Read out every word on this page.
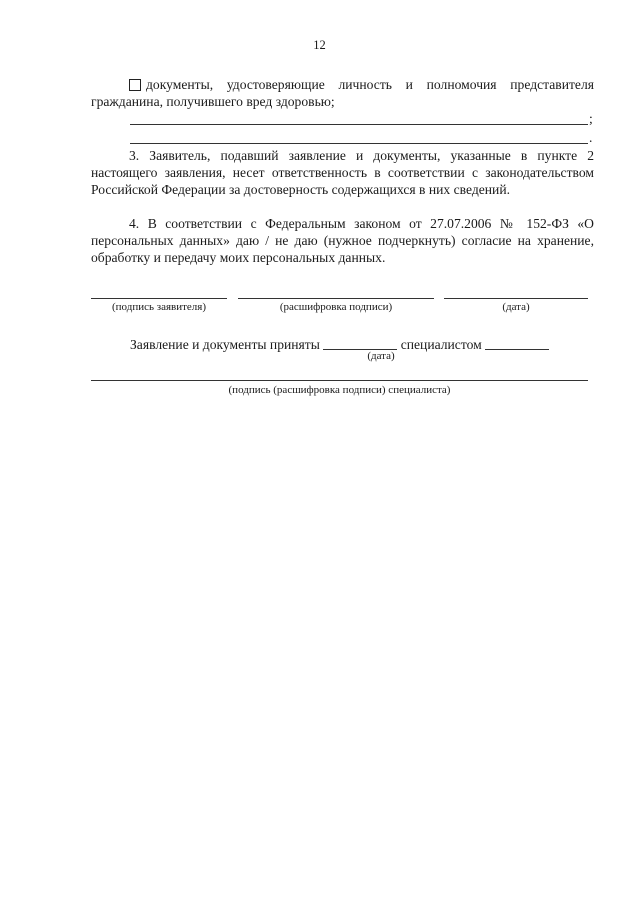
12
документы, удостоверяющие личность и полномочия представителя гражданина, получившего вред здоровью;
;
.
3. Заявитель, подавший заявление и документы, указанные в пункте 2 настоящего заявления, несет ответственность в соответствии с законодательством Российской Федерации за достоверность содержащихся в них сведений.
4. В соответствии с Федеральным законом от 27.07.2006 № 152-ФЗ «О персональных данных» даю / не даю (нужное подчеркнуть) согласие на хранение, обработку и передачу моих персональных данных.
(подпись заявителя)	(расшифровка подписи)	(дата)
Заявление и документы приняты	специалистом
(дата)
(подпись (расшифровка подписи) специалиста)
